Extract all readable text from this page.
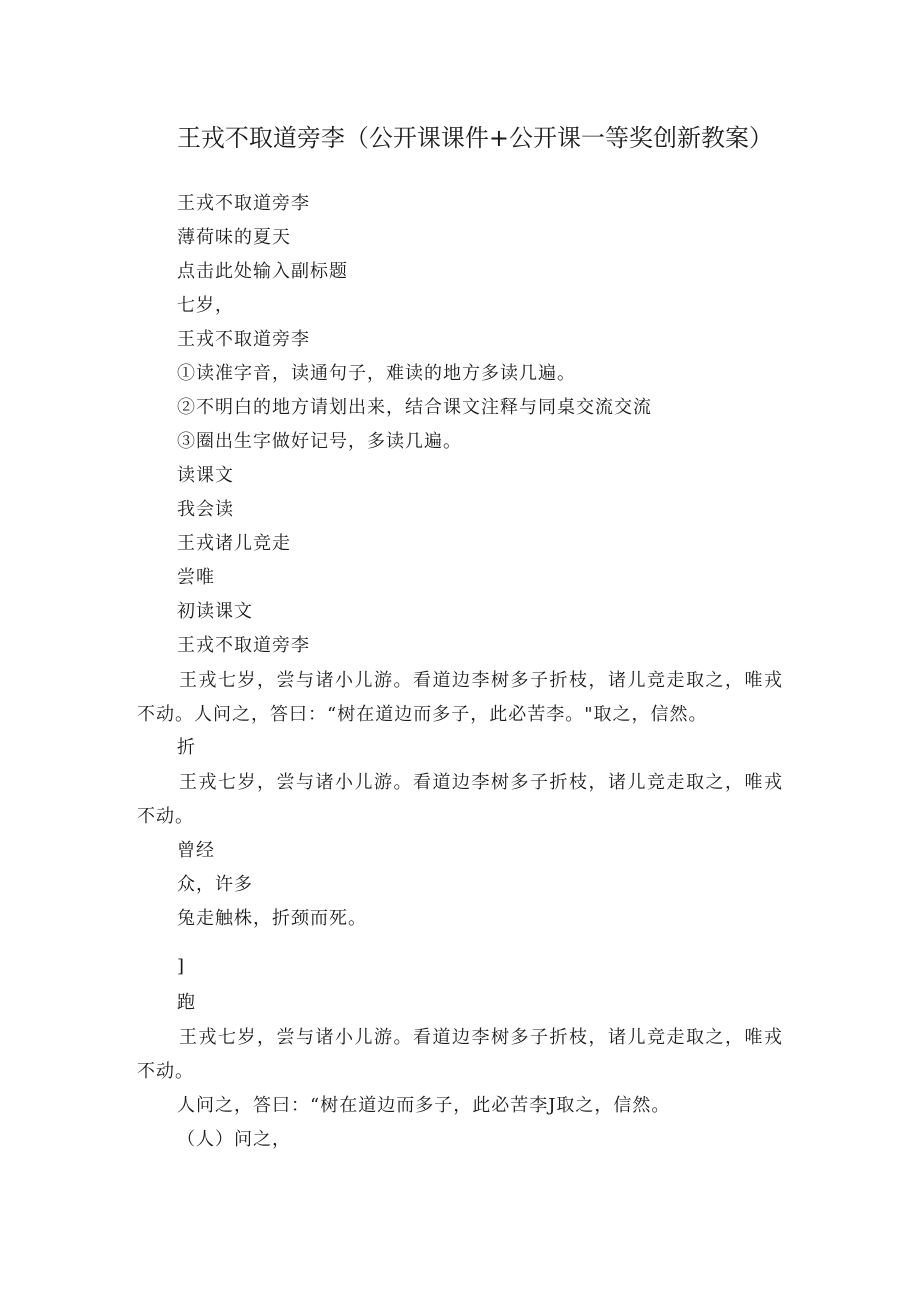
王戎不取道旁李（公开课课件+公开课一等奖创新教案）

王戎不取道旁李

薄荷味的夏天

点击此处输入副标题

七岁，

王戎不取道旁李

①读准字音，读通句子，难读的地方多读几遍。

②不明白的地方请划出来，结合课文注释与同桌交流交流

③圈出生字做好记号，多读几遍。

读课文

我会读

王戎诸儿竞走

尝唯

初读课文

王戎不取道旁李

王戎七岁，尝与诸小儿游。看道边李树多子折枝，诸儿竞走取之，唯戎不动。人问之，答曰：“树在道边而多子，此必苦李。"取之，信然。

折

王戎七岁，尝与诸小儿游。看道边李树多子折枝，诸儿竞走取之，唯戎不动。

曾经

众，许多

兔走触株，折颈而死。

]

跑

王戎七岁，尝与诸小儿游。看道边李树多子折枝，诸儿竞走取之，唯戎不动。

人问之，答曰：“树在道边而多子，此必苦李J取之，信然。

（人）问之，
